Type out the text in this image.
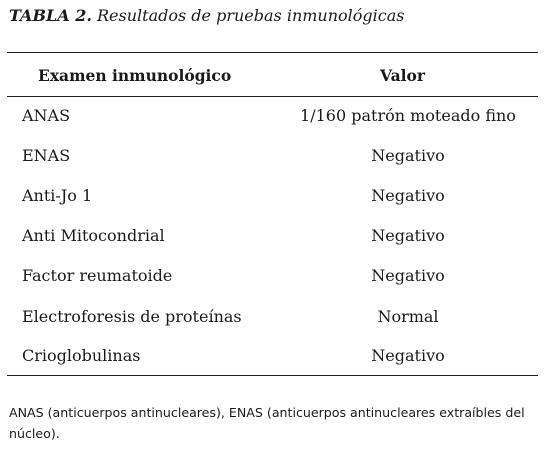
TABLA 2. Resultados de pruebas inmunológicas
Examen inmunológico	Valor
ANAS	1/160 patrón moteado fino
ENAS	Negativo
Anti-Jo 1	Negativo
Anti Mitocondrial	Negativo
Factor reumatoide	Negativo
Electroforesis de proteínas	Normal
Crioglobulinas	Negativo
ANAS (anticuerpos antinucleares), ENAS (anticuerpos antinucleares extraíbles del núcleo).
